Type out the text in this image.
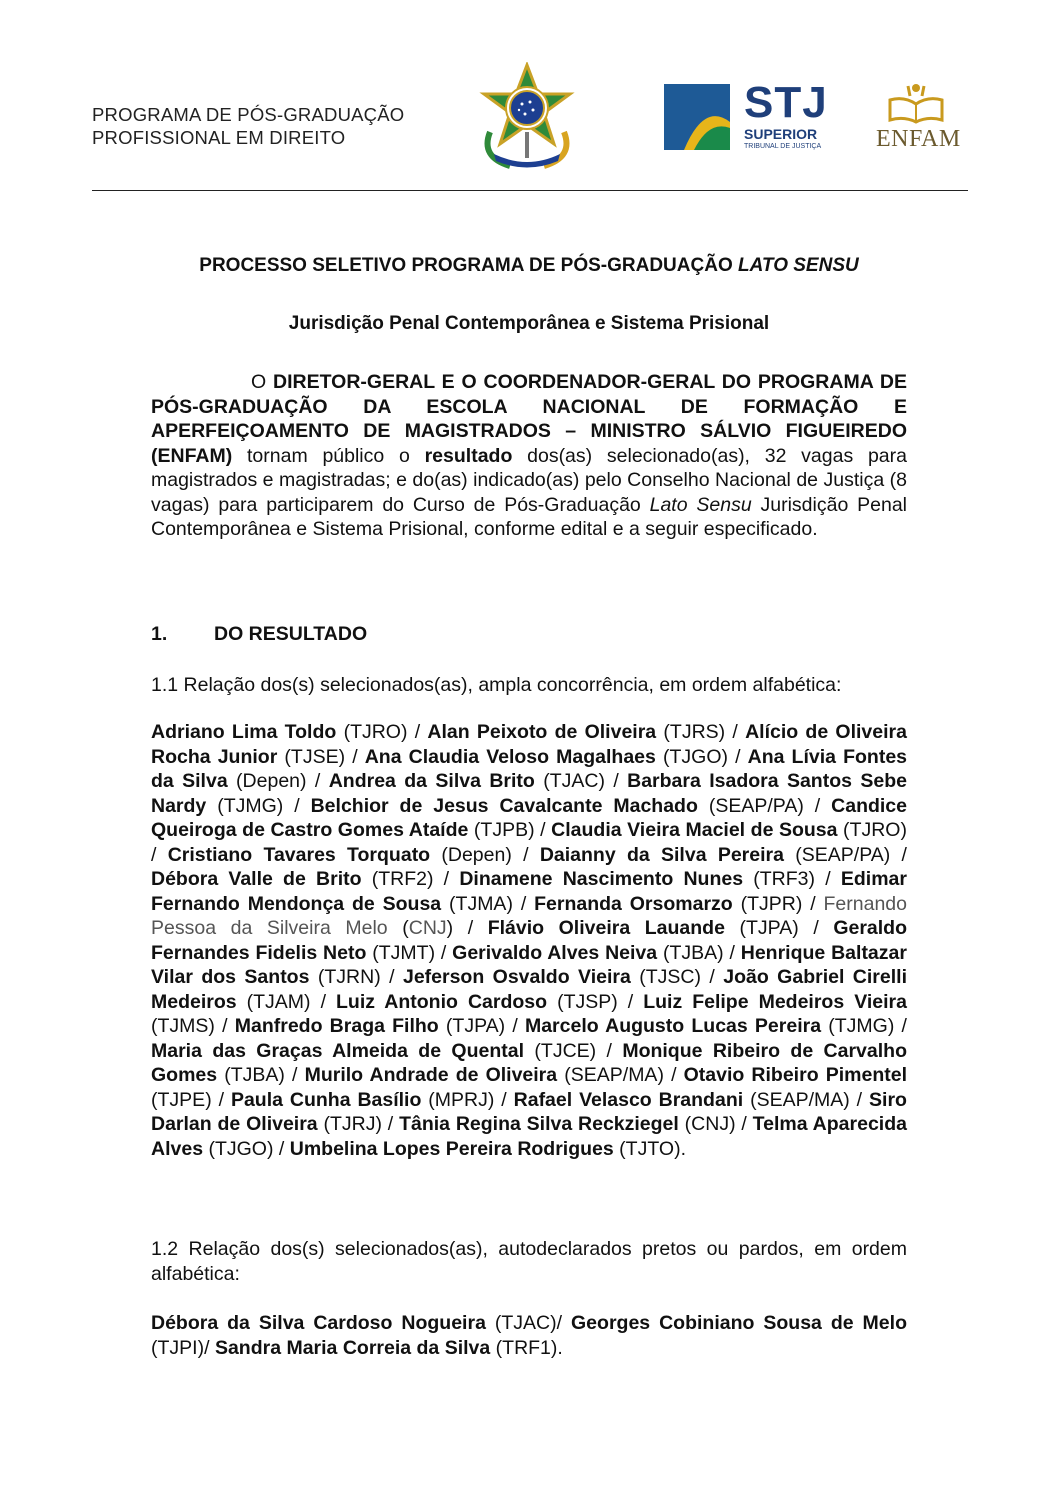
PROGRAMA DE PÓS-GRADUAÇÃO
PROFISSIONAL EM DIREITO
STJ
SUPERIOR
TRIBUNAL DE JUSTIÇA ENFAM
PROCESSO SELETIVO PROGRAMA DE PÓS-GRADUAÇÃO LATO SENSU
Jurisdição Penal Contemporânea e Sistema Prisional

O DIRETOR-GERAL E O COORDENADOR-GERAL DO PROGRAMA DE PÓS-GRADUAÇÃO DA ESCOLA NACIONAL DE FORMAÇÃO E APERFEIÇOAMENTO DE MAGISTRADOS – MINISTRO SÁLVIO FIGUEIREDO (ENFAM) tornam público o resultado dos(as) selecionado(as), 32 vagas para magistrados e magistradas; e do(as) indicado(as) pelo Conselho Nacional de Justiça (8 vagas) para participarem do Curso de Pós-Graduação Lato Sensu Jurisdição Penal Contemporânea e Sistema Prisional, conforme edital e a seguir especificado.

1. DO RESULTADO
1.1 Relação dos(s) selecionados(as), ampla concorrência, em ordem alfabética:
Adriano Lima Toldo (TJRO) / Alan Peixoto de Oliveira (TJRS) / Alício de Oliveira Rocha Junior (TJSE) / Ana Claudia Veloso Magalhaes (TJGO) / Ana Lívia Fontes da Silva (Depen) / Andrea da Silva Brito (TJAC) / Barbara Isadora Santos Sebe Nardy (TJMG) / Belchior de Jesus Cavalcante Machado (SEAP/PA) / Candice Queiroga de Castro Gomes Ataíde (TJPB) / Claudia Vieira Maciel de Sousa (TJRO) / Cristiano Tavares Torquato (Depen) / Daianny da Silva Pereira (SEAP/PA) / Débora Valle de Brito (TRF2) / Dinamene Nascimento Nunes (TRF3) / Edimar Fernando Mendonça de Sousa (TJMA) / Fernanda Orsomarzo (TJPR) / Fernando Pessoa da Silveira Melo (CNJ) / Flávio Oliveira Lauande (TJPA) / Geraldo Fernandes Fidelis Neto (TJMT) / Gerivaldo Alves Neiva (TJBA) / Henrique Baltazar Vilar dos Santos (TJRN) / Jeferson Osvaldo Vieira (TJSC) / João Gabriel Cirelli Medeiros (TJAM) / Luiz Antonio Cardoso (TJSP) / Luiz Felipe Medeiros Vieira (TJMS) / Manfredo Braga Filho (TJPA) / Marcelo Augusto Lucas Pereira (TJMG) / Maria das Graças Almeida de Quental (TJCE) / Monique Ribeiro de Carvalho Gomes (TJBA) / Murilo Andrade de Oliveira (SEAP/MA) / Otavio Ribeiro Pimentel (TJPE) / Paula Cunha Basílio (MPRJ) / Rafael Velasco Brandani (SEAP/MA) / Siro Darlan de Oliveira (TJRJ) / Tânia Regina Silva Reckziegel (CNJ) / Telma Aparecida Alves (TJGO) / Umbelina Lopes Pereira Rodrigues (TJTO).
1.2 Relação dos(s) selecionados(as), autodeclarados pretos ou pardos, em ordem alfabética:
Débora da Silva Cardoso Nogueira (TJAC)/ Georges Cobiniano Sousa de Melo (TJPI)/ Sandra Maria Correia da Silva (TRF1).
